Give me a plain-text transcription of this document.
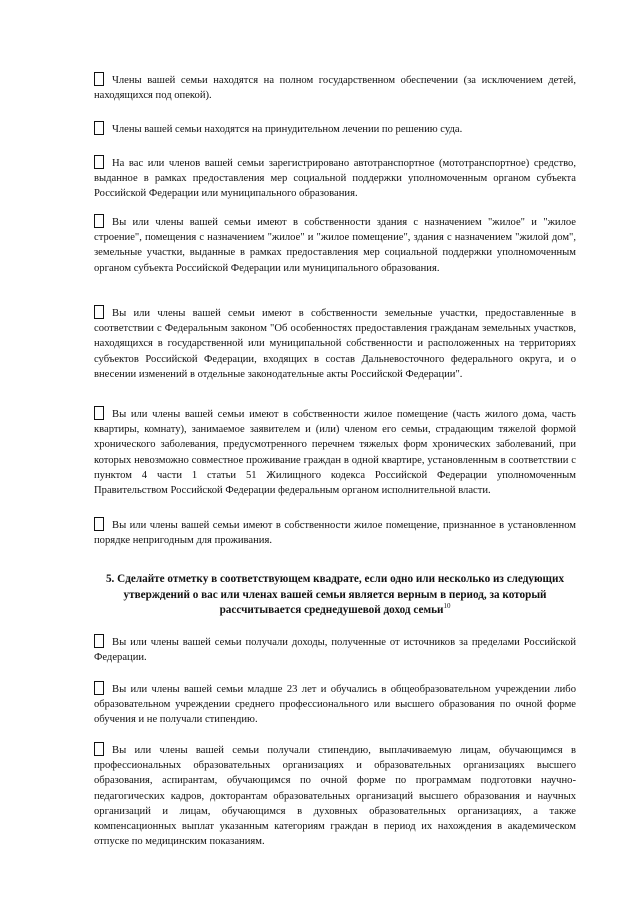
Члены вашей семьи находятся на полном государственном обеспечении (за исключением детей, находящихся под опекой).
Члены вашей семьи находятся на принудительном лечении по решению суда.
На вас или членов вашей семьи зарегистрировано автотранспортное (мототранспортное) средство, выданное в рамках предоставления мер социальной поддержки уполномоченным органом субъекта Российской Федерации или муниципального образования.
Вы или члены вашей семьи имеют в собственности здания с назначением "жилое" и "жилое строение", помещения с назначением "жилое" и "жилое помещение", здания с назначением "жилой дом", земельные участки, выданные в рамках предоставления мер социальной поддержки уполномоченным органом субъекта Российской Федерации или муниципального образования.
Вы или члены вашей семьи имеют в собственности земельные участки, предоставленные в соответствии с Федеральным законом "Об особенностях предоставления гражданам земельных участков, находящихся в государственной или муниципальной собственности и расположенных на территориях субъектов Российской Федерации, входящих в состав Дальневосточного федерального округа, и о внесении изменений в отдельные законодательные акты Российской Федерации".
Вы или члены вашей семьи имеют в собственности жилое помещение (часть жилого дома, часть квартиры, комнату), занимаемое заявителем и (или) членом его семьи, страдающим тяжелой формой хронического заболевания, предусмотренного перечнем тяжелых форм хронических заболеваний, при которых невозможно совместное проживание граждан в одной квартире, установленным в соответствии с пунктом 4 части 1 статьи 51 Жилищного кодекса Российской Федерации уполномоченным Правительством Российской Федерации федеральным органом исполнительной власти.
Вы или члены вашей семьи имеют в собственности жилое помещение, признанное в установленном порядке непригодным для проживания.
5. Сделайте отметку в соответствующем квадрате, если одно или несколько из следующих утверждений о вас или членах вашей семьи является верным в период, за который рассчитывается среднедушевой доход семьи$^{10}$
Вы или члены вашей семьи получали доходы, полученные от источников за пределами Российской Федерации.
Вы или члены вашей семьи младше 23 лет и обучались в общеобразовательном учреждении либо образовательном учреждении среднего профессионального или высшего образования по очной форме обучения и не получали стипендию.
Вы или члены вашей семьи получали стипендию, выплачиваемую лицам, обучающимся в профессиональных образовательных организациях и образовательных организациях высшего образования, аспирантам, обучающимся по очной форме по программам подготовки научно-педагогических кадров, докторантам образовательных организаций высшего образования и научных организаций и лицам, обучающимся в духовных образовательных организациях, а также компенсационных выплат указанным категориям граждан в период их нахождения в академическом отпуске по медицинским показаниям.
